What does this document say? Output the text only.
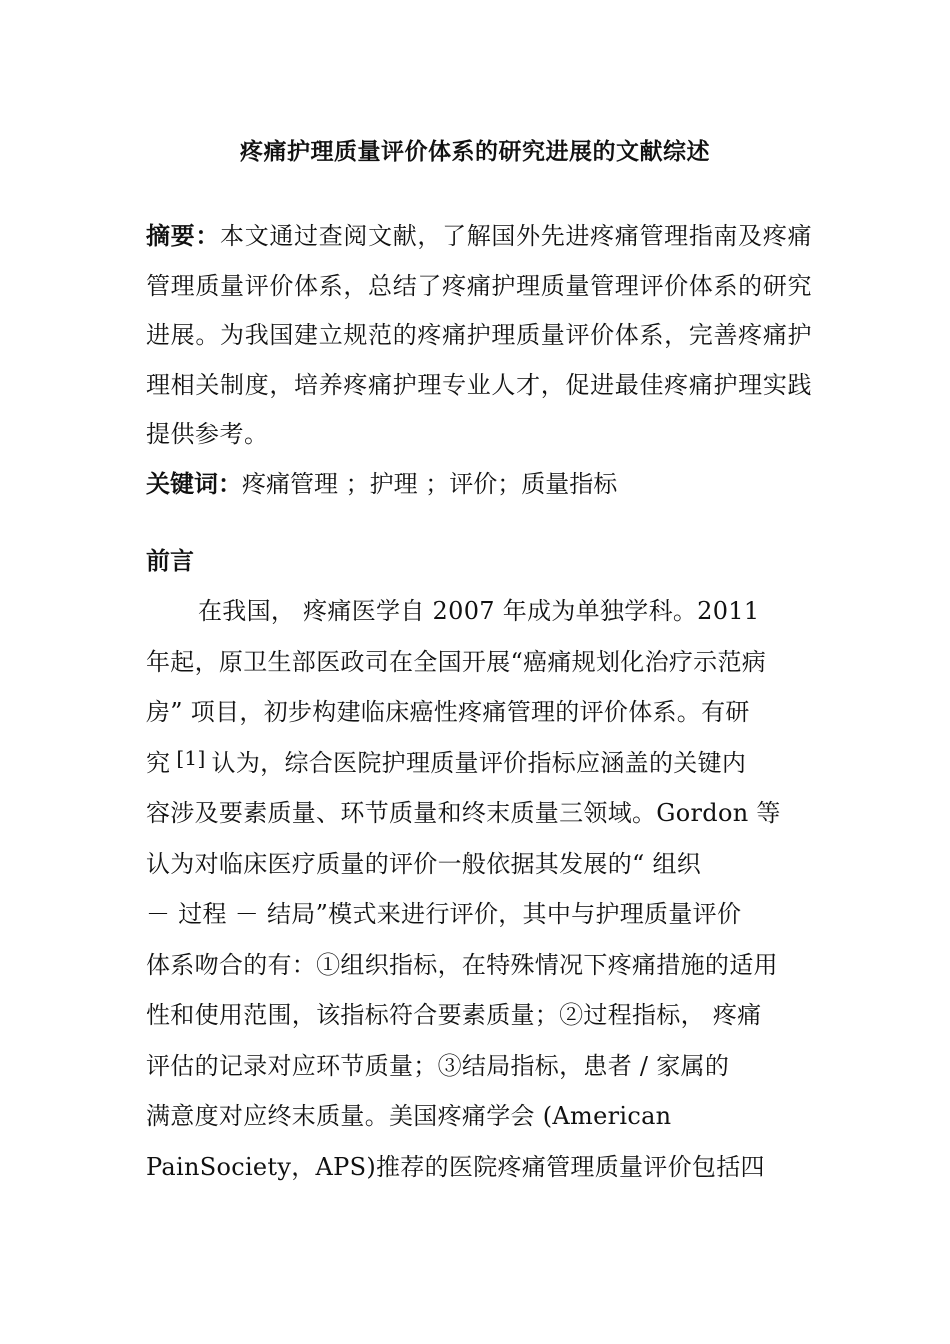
疼痛护理质量评价体系的研究进展的文献综述
摘要：本文通过查阅文献，了解国外先进疼痛管理指南及疼痛管理质量评价体系，总结了疼痛护理质量管理评价体系的研究进展。为我国建立规范的疼痛护理质量评价体系，完善疼痛护理相关制度，培养疼痛护理专业人才，促进最佳疼痛护理实践提供参考。
关键词：疼痛管理 ；护理 ；评价；质量指标
前言
在我国， 疼痛医学自 2007 年成为单独学科。2011
年起，原卫生部医政司在全国开展“癌痛规划化治疗示范病
房” 项目，初步构建临床癌性疼痛管理的评价体系。有研
究 [1] 认为，综合医院护理质量评价指标应涵盖的关键内
容涉及要素质量、环节质量和终末质量三领域。Gordon 等
认为对临床医疗质量的评价一般依据其发展的“ 组织
－ 过程 － 结局”模式来进行评价，其中与护理质量评价
体系吻合的有：①组织指标，在特殊情况下疼痛措施的适用
性和使用范围，该指标符合要素质量；②过程指标， 疼痛
评估的记录对应环节质量；③结局指标，患者 / 家属的
满意度对应终末质量。美国疼痛学会 (American
PainSociety，APS)推荐的医院疼痛管理质量评价包括四
